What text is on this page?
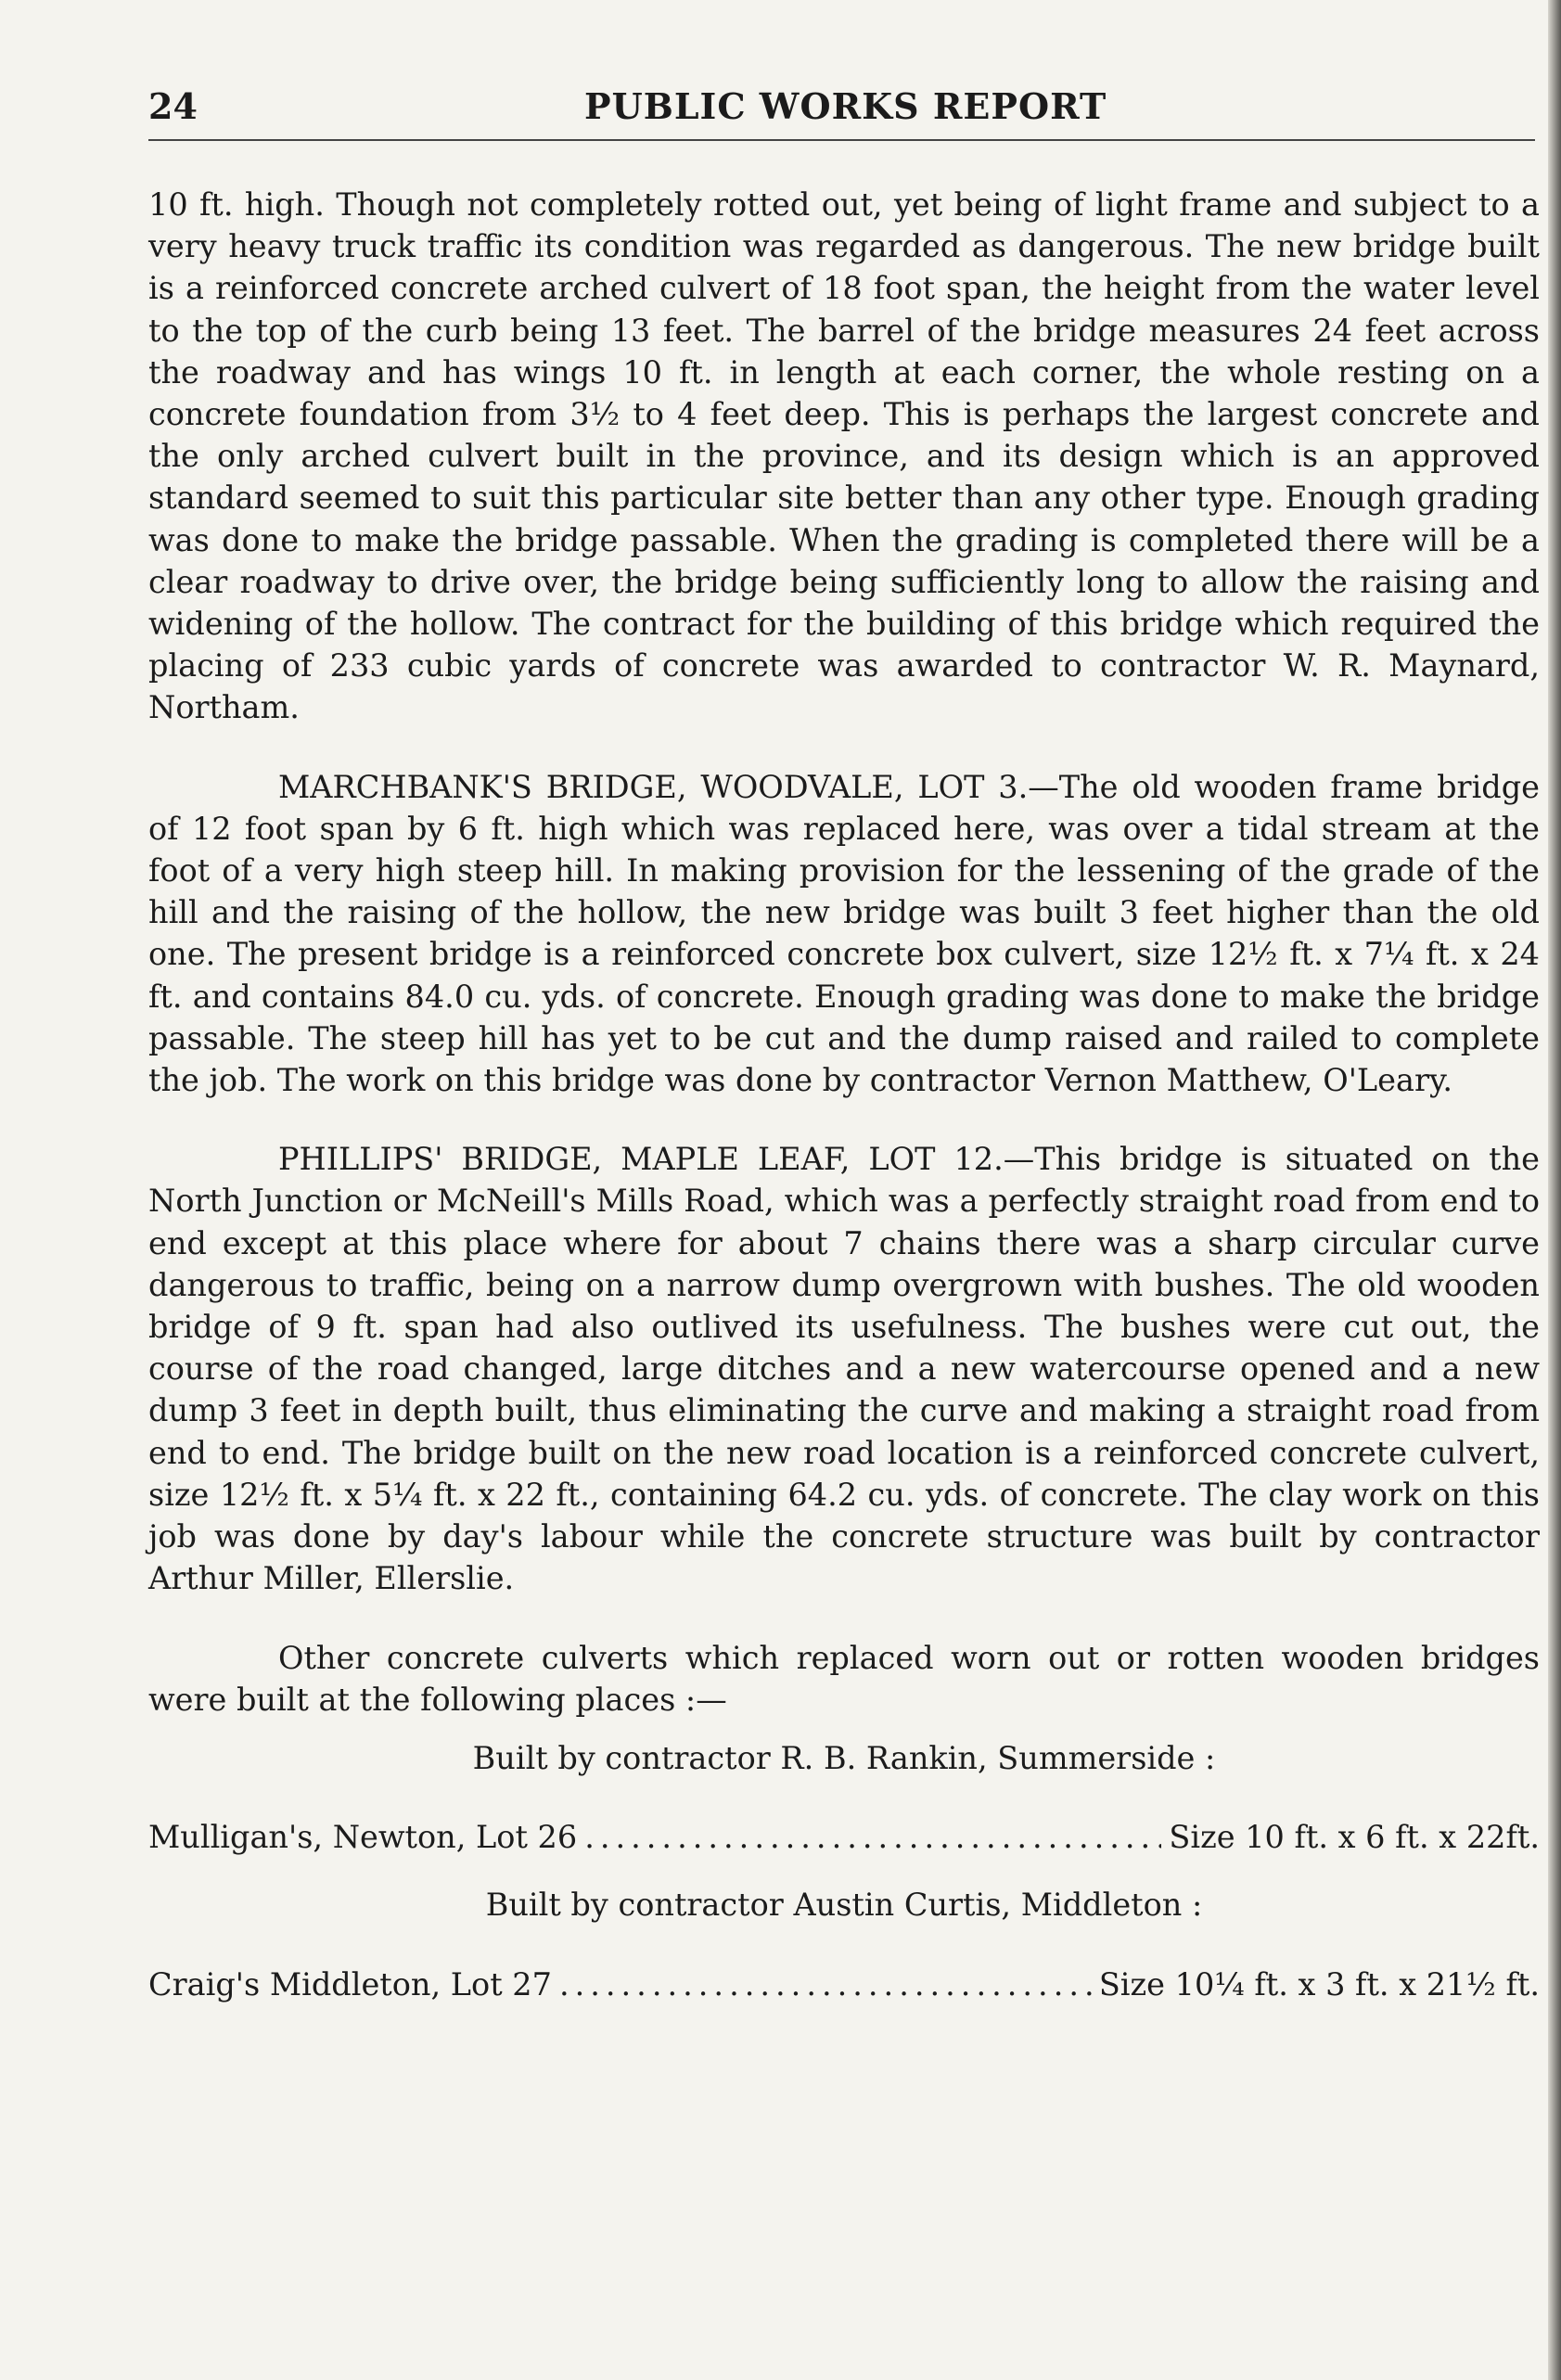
24	PUBLIC WORKS REPORT

10 ft. high. Though not completely rotted out, yet being of light frame and subject to a very heavy truck traffic its condition was regarded as dangerous. The new bridge built is a reinforced concrete arched culvert of 18 foot span, the height from the water level to the top of the curb being 13 feet. The barrel of the bridge measures 24 feet across the roadway and has wings 10 ft. in length at each corner, the whole resting on a concrete foundation from 3½ to 4 feet deep. This is perhaps the largest concrete and the only arched culvert built in the province, and its design which is an approved standard seemed to suit this particular site better than any other type. Enough grading was done to make the bridge passable. When the grading is completed there will be a clear roadway to drive over, the bridge being sufficiently long to allow the raising and widening of the hollow. The contract for the building of this bridge which required the placing of 233 cubic yards of concrete was awarded to contractor W. R. Maynard, Northam.

MARCHBANK'S BRIDGE, WOODVALE, LOT 3.—The old wooden frame bridge of 12 foot span by 6 ft. high which was replaced here, was over a tidal stream at the foot of a very high steep hill. In making provision for the lessening of the grade of the hill and the raising of the hollow, the new bridge was built 3 feet higher than the old one. The present bridge is a reinforced concrete box culvert, size 12½ ft. x 7¼ ft. x 24 ft. and contains 84.0 cu. yds. of concrete. Enough grading was done to make the bridge passable. The steep hill has yet to be cut and the dump raised and railed to complete the job. The work on this bridge was done by contractor Vernon Matthew, O'Leary.

PHILLIPS' BRIDGE, MAPLE LEAF, LOT 12.—This bridge is situated on the North Junction or McNeill's Mills Road, which was a perfectly straight road from end to end except at this place where for about 7 chains there was a sharp circular curve dangerous to traffic, being on a narrow dump overgrown with bushes. The old wooden bridge of 9 ft. span had also outlived its usefulness. The bushes were cut out, the course of the road changed, large ditches and a new watercourse opened and a new dump 3 feet in depth built, thus eliminating the curve and making a straight road from end to end. The bridge built on the new road location is a reinforced concrete culvert, size 12½ ft. x 5¼ ft. x 22 ft., containing 64.2 cu. yds. of concrete. The clay work on this job was done by day's labour while the concrete structure was built by contractor Arthur Miller, Ellerslie.

Other concrete culverts which replaced worn out or rotten wooden bridges were built at the following places :—

Built by contractor R. B. Rankin, Summerside :

Mulligan's, Newton, Lot 26 .....	Size 10 ft. x 6 ft. x 22ft.

Built by contractor Austin Curtis, Middleton :

Craig's Middleton, Lot 27 .....	Size 10¼ ft. x 3 ft. x 21½ ft.
